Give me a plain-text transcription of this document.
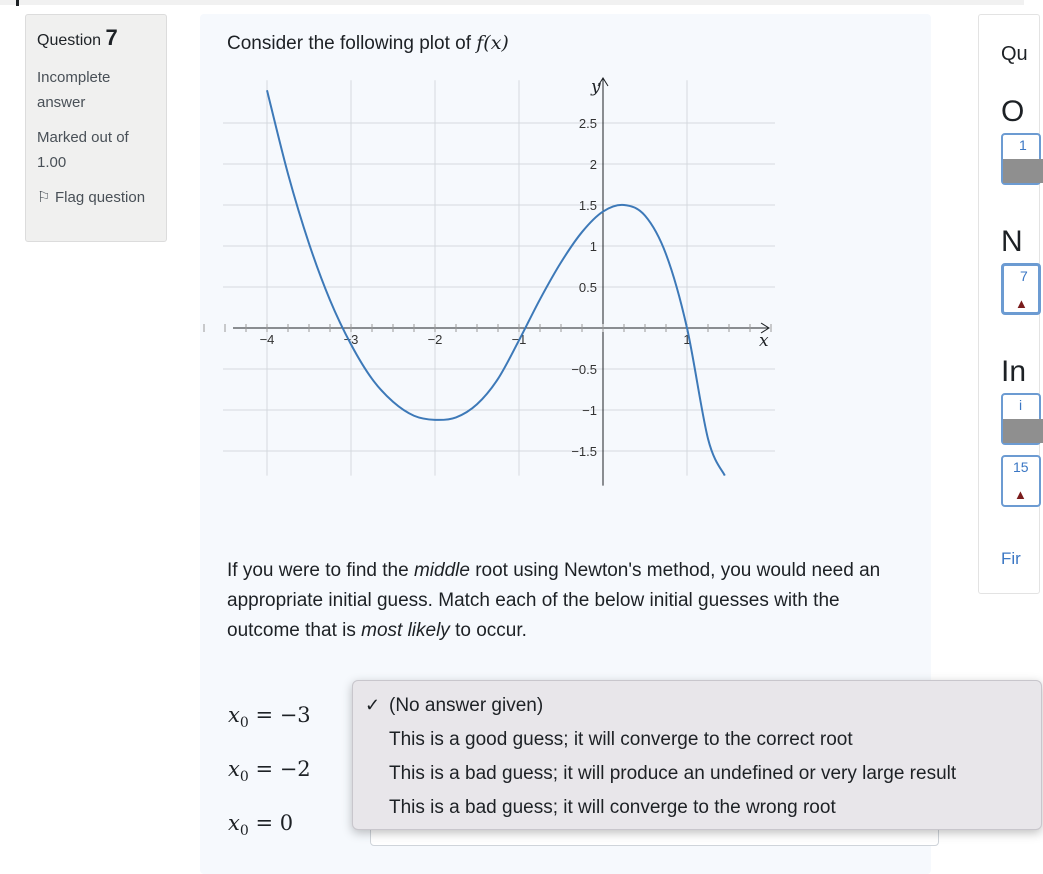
Question 7
Incomplete answer
Marked out of 1.00
⚐ Flag question
Consider the following plot of f(x)
−4	−3	−2	−1	1
2.5
2
1.5
1
0.5
−0.5
−1
−1.5
x
y
If you were to find the middle root using Newton's method, you would need an appropriate initial guess. Match each of the below initial guesses with the outcome that is most likely to occur.
$x_0 = -3$
$x_0 = -2$
$x_0 = 0$
✓ (No answer given)
This is a good guess; it will converge to the correct root
This is a bad guess; it will produce an undefined or very large result
This is a bad guess; it will converge to the wrong root
Qu
O
1
N
7
▲
In
i
15
▲
Fir
